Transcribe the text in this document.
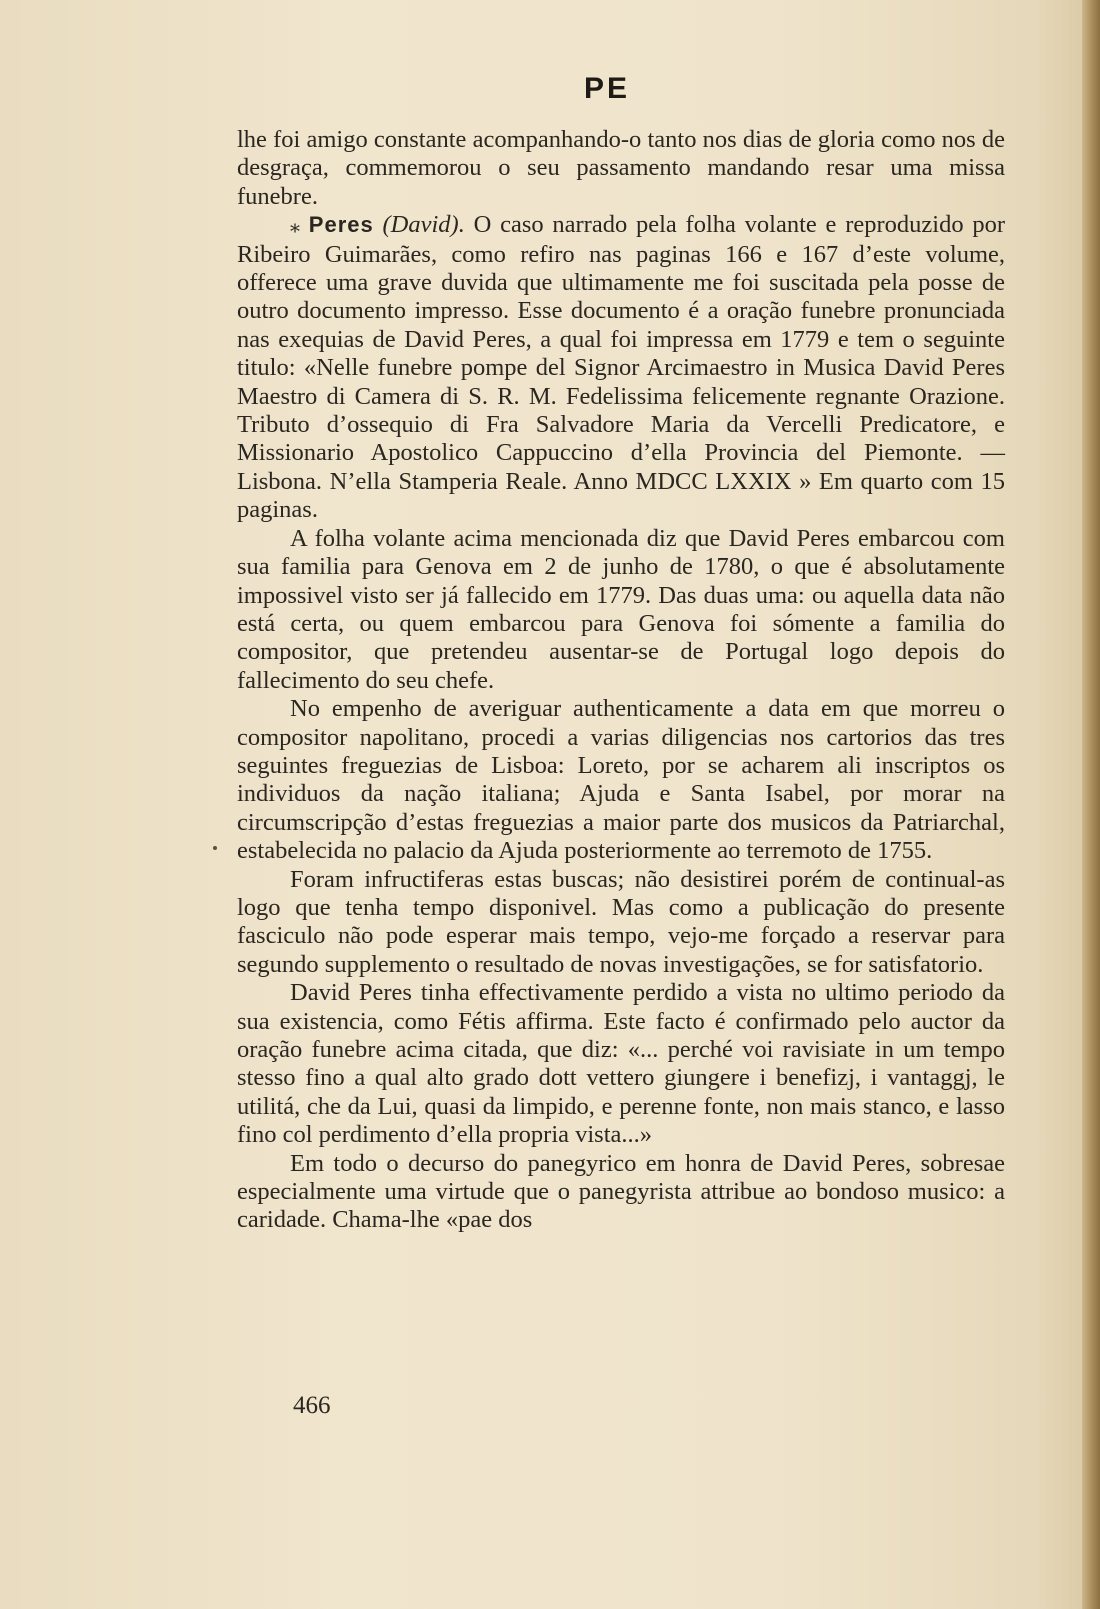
PE

lhe foi amigo constante acompanhando-o tanto nos dias de gloria como nos de desgraça, commemorou o seu passamento mandando resar uma missa funebre.

⁎ Peres (David). O caso narrado pela folha volante e reproduzido por Ribeiro Guimarães, como refiro nas paginas 166 e 167 d’este volume, offerece uma grave duvida que ultimamente me foi suscitada pela posse de outro documento impresso. Esse documento é a oração funebre pronunciada nas exequias de David Peres, a qual foi impressa em 1779 e tem o seguinte titulo: «Nelle funebre pompe del Signor Arcimaestro in Musica David Peres Maestro di Camera di S. R. M. Fedelissima felicemente regnante Orazione. Tributo d’ossequio di Fra Salvadore Maria da Vercelli Predicatore, e Missionario Apostolico Cappuccino d’ella Provincia del Piemonte. —Lisbona. N’ella Stamperia Reale. Anno MDCC LXXIX » Em quarto com 15 paginas.

A folha volante acima mencionada diz que David Peres embarcou com sua familia para Genova em 2 de junho de 1780, o que é absolutamente impossivel visto ser já fallecido em 1779. Das duas uma: ou aquella data não está certa, ou quem embarcou para Genova foi sómente a familia do compositor, que pretendeu ausentar-se de Portugal logo depois do fallecimento do seu chefe.

No empenho de averiguar authenticamente a data em que morreu o compositor napolitano, procedi a varias diligencias nos cartorios das tres seguintes freguezias de Lisboa: Loreto, por se acharem ali inscriptos os individuos da nação italiana; Ajuda e Santa Isabel, por morar na circumscripção d’estas freguezias a maior parte dos musicos da Patriarchal, estabelecida no palacio da Ajuda posteriormente ao terremoto de 1755.

Foram infructiferas estas buscas; não desistirei porém de continual-as logo que tenha tempo disponivel. Mas como a publicação do presente fasciculo não pode esperar mais tempo, vejo-me forçado a reservar para segundo supplemento o resultado de novas investigações, se for satisfatorio.

David Peres tinha effectivamente perdido a vista no ultimo periodo da sua existencia, como Fétis affirma. Este facto é confirmado pelo auctor da oração funebre acima citada, que diz: «... perché voi ravisiate in um tempo stesso fino a qual alto grado dott vettero giungere i benefizj, i vantaggj, le utilitá, che da Lui, quasi da limpido, e perenne fonte, non mais stanco, e lasso fino col perdimento d’ella propria vista...»

Em todo o decurso do panegyrico em honra de David Peres, sobresae especialmente uma virtude que o panegyrista attribue ao bondoso musico: a caridade. Chama-lhe «pae dos

466
